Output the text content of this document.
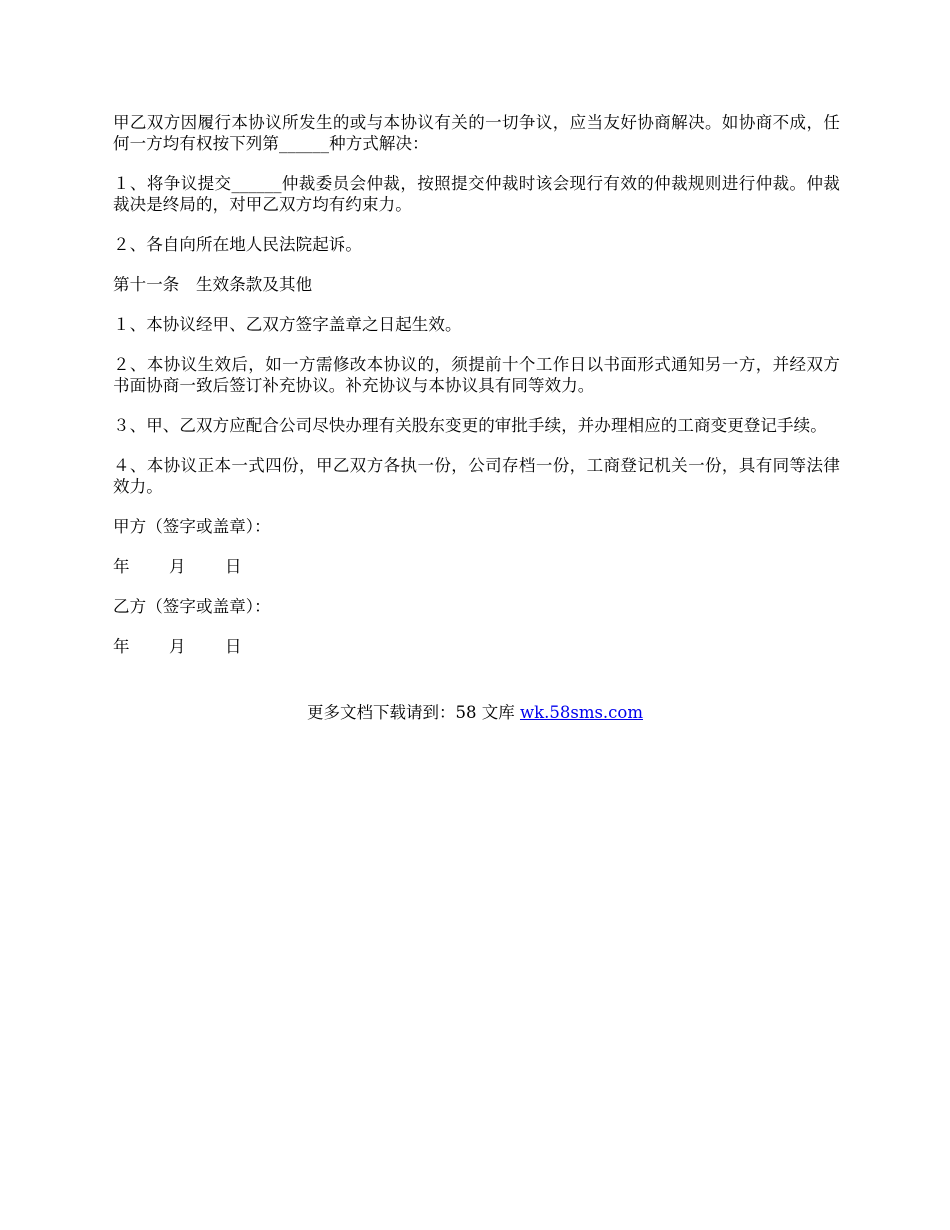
甲乙双方因履行本协议所发生的或与本协议有关的一切争议，应当友好协商解决。如协商不成，任何一方均有权按下列第______种方式解决：

１、将争议提交______仲裁委员会仲裁，按照提交仲裁时该会现行有效的仲裁规则进行仲裁。仲裁裁决是终局的，对甲乙双方均有约束力。

２、各自向所在地人民法院起诉。

第十一条　生效条款及其他

１、本协议经甲、乙双方签字盖章之日起生效。

２、本协议生效后，如一方需修改本协议的，须提前十个工作日以书面形式通知另一方，并经双方书面协商一致后签订补充协议。补充协议与本协议具有同等效力。

３、甲、乙双方应配合公司尽快办理有关股东变更的审批手续，并办理相应的工商变更登记手续。

４、本协议正本一式四份，甲乙双方各执一份，公司存档一份，工商登记机关一份，具有同等法律效力。

甲方（签字或盖章）：

年 月 日

乙方（签字或盖章）：

年 月 日
更多文档下载请到：58 文库 wk.58sms.com
